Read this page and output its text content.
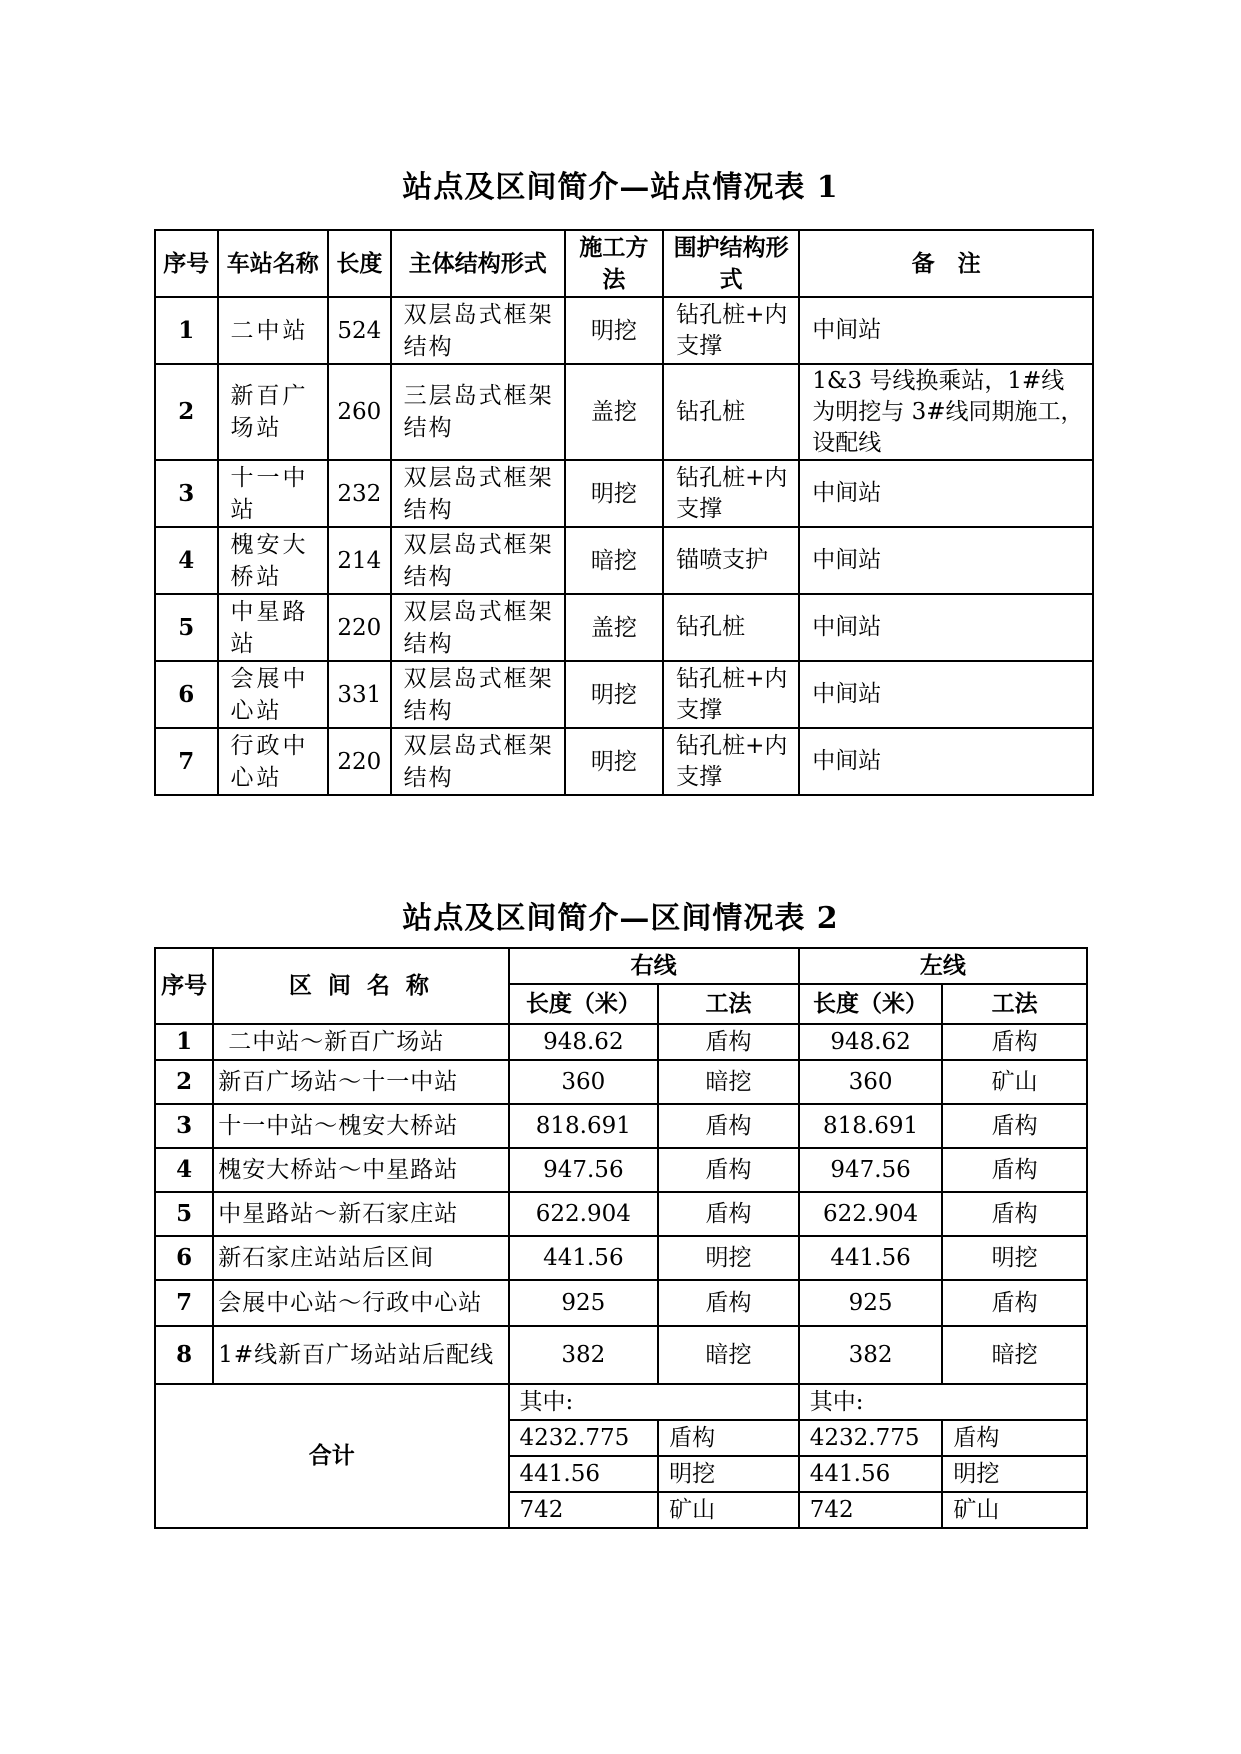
站点及区间简介—站点情况表 1
序号	车站名称	长度	主体结构形式	施工方法	围护结构形式	备　注
1	二中站	524	双层岛式框架结构	明挖	钻孔桩+内支撑	中间站
2	新百广场站	260	三层岛式框架结构	盖挖	钻孔桩	1&3 号线换乘站，1#线为明挖与 3#线同期施工，设配线
3	十一中站	232	双层岛式框架结构	明挖	钻孔桩+内支撑	中间站
4	槐安大桥站	214	双层岛式框架结构	暗挖	锚喷支护	中间站
5	中星路站	220	双层岛式框架结构	盖挖	钻孔桩	中间站
6	会展中心站	331	双层岛式框架结构	明挖	钻孔桩+内支撑	中间站
7	行政中心站	220	双层岛式框架结构	明挖	钻孔桩+内支撑	中间站
站点及区间简介—区间情况表 2
序号	区 间 名 称	右线		左线	
		长度（米）	工法	长度（米）	工法
1	二中站～新百广场站	948.62	盾构	948.62	盾构
2	新百广场站～十一中站	360	暗挖	360	矿山
3	十一中站～槐安大桥站	818.691	盾构	818.691	盾构
4	槐安大桥站～中星路站	947.56	盾构	947.56	盾构
5	中星路站～新石家庄站	622.904	盾构	622.904	盾构
6	新石家庄站站后区间	441.56	明挖	441.56	明挖
7	会展中心站～行政中心站	925	盾构	925	盾构
8	1#线新百广场站站后配线	382	暗挖	382	暗挖
合计		其中:		其中:	
		4232.775	盾构	4232.775	盾构
		441.56	明挖	441.56	明挖
		742	矿山	742	矿山
